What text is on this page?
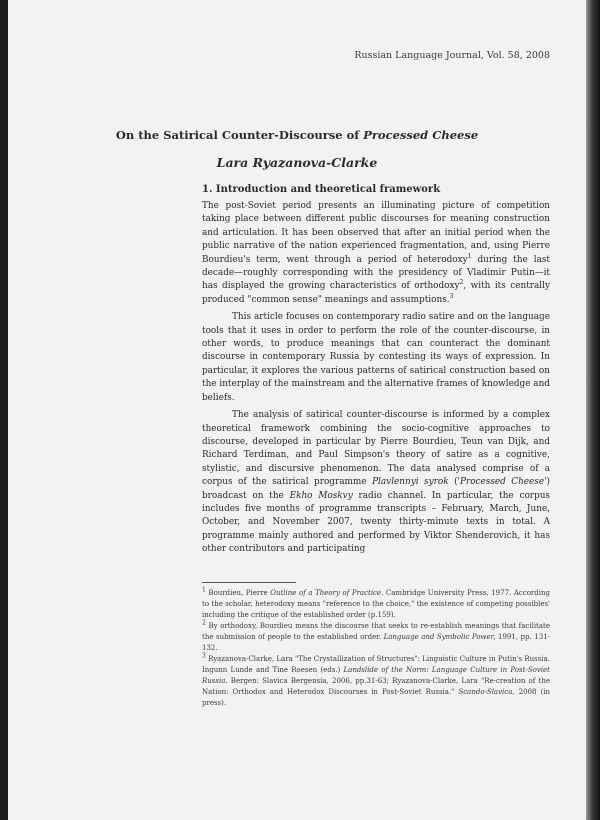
Russian Language Journal, Vol. 58, 2008
On the Satirical Counter-Discourse of Processed Cheese
Lara Ryazanova-Clarke
1. Introduction and theoretical framework

The post-Soviet period presents an illuminating picture of competition taking place between different public discourses for meaning construction and articulation. It has been observed that after an initial period when the public narrative of the nation experienced fragmentation, and, using Pierre Bourdieu's term, went through a period of heterodoxy$^1$ during the last decade—roughly corresponding with the presidency of Vladimir Putin—it has displayed the growing characteristics of orthodoxy$^2$, with its centrally produced "common sense" meanings and assumptions.$^3$

This article focuses on contemporary radio satire and on the language tools that it uses in order to perform the role of the counter-discourse, in other words, to produce meanings that can counteract the dominant discourse in contemporary Russia by contesting its ways of expression. In particular, it explores the various patterns of satirical construction based on the interplay of the mainstream and the alternative frames of knowledge and beliefs.

The analysis of satirical counter-discourse is informed by a complex theoretical framework combining the socio-cognitive approaches to discourse, developed in particular by Pierre Bourdieu, Teun van Dijk, and Richard Terdiman, and Paul Simpson's theory of satire as a cognitive, stylistic, and discursive phenomenon. The data analysed comprise of a corpus of the satirical programme Plavlennyi syrok ('Processed Cheese') broadcast on the Ekho Moskvy radio channel. In particular, the corpus includes five months of programme transcripts – February, March, June, October, and November 2007, twenty thirty-minute texts in total. A programme mainly authored and performed by Viktor Shenderovich, it has other contributors and participating

$^1$ Bourdieu, Pierre Outline of a Theory of Practice. Cambridge University Press, 1977. According to the scholar, heterodoxy means "reference to the choice," the existence of competing possibles' including the critique of the established order (p.159).

$^2$ By orthodoxy, Bourdieu means the discourse that seeks to re-establish meanings that facilitate the submission of people to the established order. Language and Symbolic Power, 1991, pp. 131-132.

$^3$ Ryazanova-Clarke, Lara "The Crystallization of Structures": Linguistic Culture in Putin's Russia. Ingunn Lunde and Tine Roesen (eds.) Landslide of the Norm: Language Culture in Post-Soviet Russia. Bergen: Slavica Bergensia, 2006, pp.31-63; Ryazanova-Clarke, Lara "Re-creation of the Nation: Orthodox and Heterodox Discourses in Post-Soviet Russia." Scando-Slavica, 2008 (in press).
